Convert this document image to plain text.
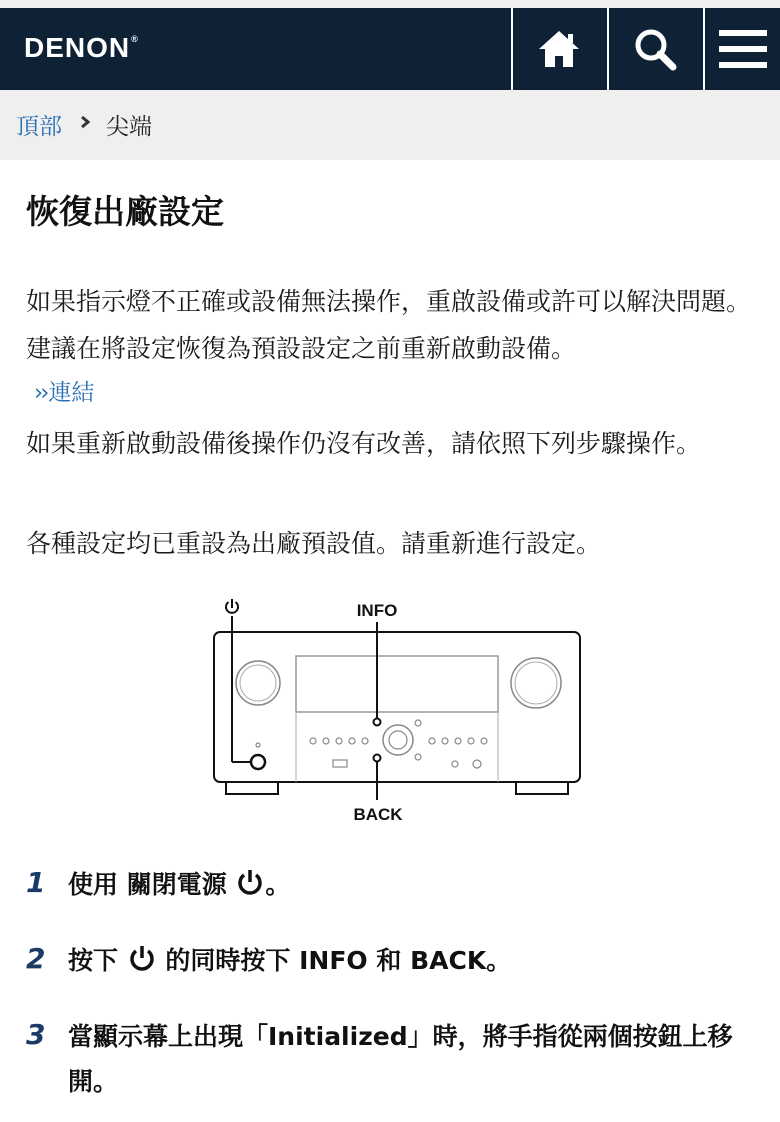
DENON®
頂部 尖端
恢復出廠設定

如果指示燈不正確或設備無法操作，重啟設備或許可以解決問題。建議在將設定恢復為預設設定之前重新啟動設備。

››連結

如果重新啟動設備後操作仍沒有改善，請依照下列步驟操作。

各種設定均已重設為出廠預設值。請重新進行設定。

INFO
BACK
1 使用 關閉電源 。
2 按下  的同時按下 INFO 和 BACK。
3 當顯示幕上出現「Initialized」時，將手指從兩個按鈕上移開。
